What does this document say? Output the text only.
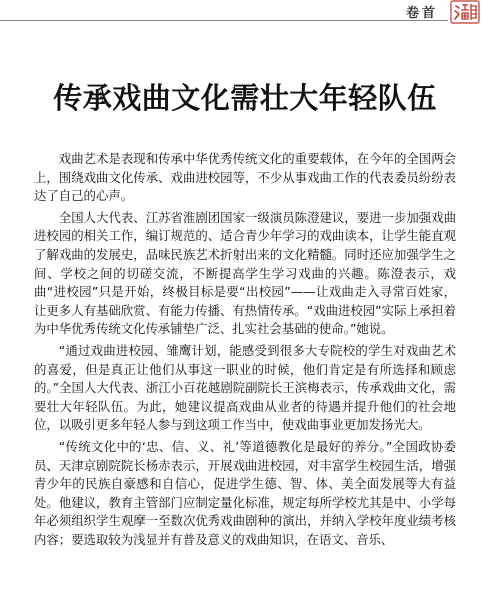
卷首
传承戏曲文化需壮大年轻队伍

戏曲艺术是表现和传承中华优秀传统文化的重要载体，在今年的全国两会上，围绕戏曲文化传承、戏曲进校园等，不少从事戏曲工作的代表委员纷纷表达了自己的心声。

全国人大代表、江苏省淮剧团国家一级演员陈澄建议，要进一步加强戏曲进校园的相关工作，编订规范的、适合青少年学习的戏曲读本，让学生能直观了解戏曲的发展史，品味民族艺术折射出来的文化精髓。同时还应加强学生之间、学校之间的切磋交流，不断提高学生学习戏曲的兴趣。陈澄表示，戏曲“进校园”只是开始，终极目标是要“出校园”——让戏曲走入寻常百姓家，让更多人有基础欣赏、有能力传播、有热情传承。“戏曲进校园”实际上承担着为中华优秀传统文化传承铺垫广泛、扎实社会基础的使命。”她说。

“通过戏曲进校园、雏鹰计划，能感受到很多大专院校的学生对戏曲艺术的喜爱，但是真正让他们从事这一职业的时候，他们肯定是有所选择和顾虑的。”全国人大代表、浙江小百花越剧院副院长王滨梅表示，传承戏曲文化，需要壮大年轻队伍。为此，她建议提高戏曲从业者的待遇并提升他们的社会地位，以吸引更多年轻人参与到这项工作当中，使戏曲事业更加发扬光大。

“传统文化中的‘忠、信、义、礼’等道德教化是最好的养分。”全国政协委员、天津京剧院院长杨赤表示，开展戏曲进校园，对丰富学生校园生活，增强青少年的民族自豪感和自信心，促进学生德、智、体、美全面发展等大有益处。他建议，教育主管部门应制定量化标准，规定每所学校尤其是中、小学每年必须组织学生观摩一至数次优秀戏曲剧种的演出，并纳入学校年度业绩考核内容；要选取较为浅显并有普及意义的戏曲知识，在语文、音乐、
